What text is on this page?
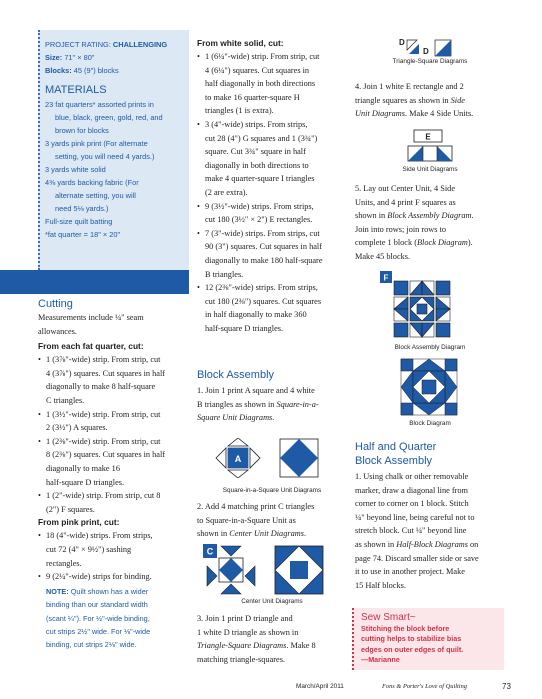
PROJECT RATING: CHALLENGING
Size: 71" × 80"
Blocks: 45 (9") blocks
MATERIALS
23 fat quarters* assorted prints in
blue, black, green, gold, red, and
brown for blocks
3 yards pink print (For alternate
setting, you will need 4 yards.)
3 yards white solid
4⅜ yards backing fabric (For
alternate setting, you will
need 5⅛ yards.)
Full-size quilt batting
*fat quarter = 18" × 20"
Cutting
Measurements include ¼" seam
allowances.
From each fat quarter, cut:
• 1 (3⅞"-wide) strip. From strip, cut
4 (3⅞") squares. Cut squares in half
diagonally to make 8 half-square
C triangles.
• 1 (3½"-wide) strip. From strip, cut
2 (3½") A squares.
• 1 (2⅜"-wide) strip. From strip, cut
8 (2⅜") squares. Cut squares in half
diagonally to make 16
half-square D triangles.
• 1 (2"-wide) strip. From strip, cut 8
(2") F squares.
From pink print, cut:
• 18 (4"-wide) strips. From strips,
cut 72 (4" × 9½") sashing
rectangles.
• 9 (2¼"-wide) strips for binding.
NOTE: Quilt shown has a wider
binding than our standard width
(scant ¼"). For ½"-wide binding,
cut strips 2½" wide. For ⅛"-wide
binding, cut strips 2⅛" wide.
From white solid, cut:
• 1 (6¼"-wide) strip. From strip, cut
4 (6¼") squares. Cut squares in
half diagonally in both directions
to make 16 quarter-square H
triangles (1 is extra).
• 3 (4"-wide) strips. From strips,
cut 28 (4") G squares and 1 (3¾")
square. Cut 3¾" square in half
diagonally in both directions to
make 4 quarter-square I triangles
(2 are extra).
• 9 (3½"-wide) strips. From strips,
cut 180 (3½" × 2") E rectangles.
• 7 (3"-wide) strips. From strips, cut
90 (3") squares. Cut squares in half
diagonally to make 180 half-square
B triangles.
• 12 (2⅜"-wide) strips. From strips,
cut 180 (2⅜") squares. Cut squares
in half diagonally to make 360
half-square D triangles.
Block Assembly
1. Join 1 print A square and 4 white
B triangles as shown in Square-in-a-
Square Unit Diagrams.
A
Square-in-a-Square Unit Diagrams
2. Add 4 matching print C triangles
to Square-in-a-Square Unit as
shown in Center Unit Diagrams.
C
Center Unit Diagrams
3. Join 1 print D triangle and
1 white D triangle as shown in
Triangle-Square Diagrams. Make 8
matching triangle-squares.
D
D
Triangle-Square Diagrams
4. Join 1 white E rectangle and 2
triangle squares as shown in Side
Unit Diagrams. Make 4 Side Units.
E
Side Unit Diagrams
5. Lay out Center Unit, 4 Side
Units, and 4 print F squares as
shown in Block Assembly Diagram.
Join into rows; join rows to
complete 1 block (Block Diagram).
Make 45 blocks.
F
Block Assembly Diagram
Block Diagram
Half and Quarter
Block Assembly
1. Using chalk or other removable
marker, draw a diagonal line from
corner to corner on 1 block. Stitch
¼" beyond line, being careful not to
stretch block. Cut ¼" beyond line
as shown in Half-Block Diagrams on
page 74. Discard smaller side or save
it to use in another project. Make
15 Half blocks.
Sew Smart~
Stitching the block before
cutting helps to stabilize bias
edges on outer edges of quilt.
—Marianne
March/April 2011	Fons & Porter's Love of Quilting	73
